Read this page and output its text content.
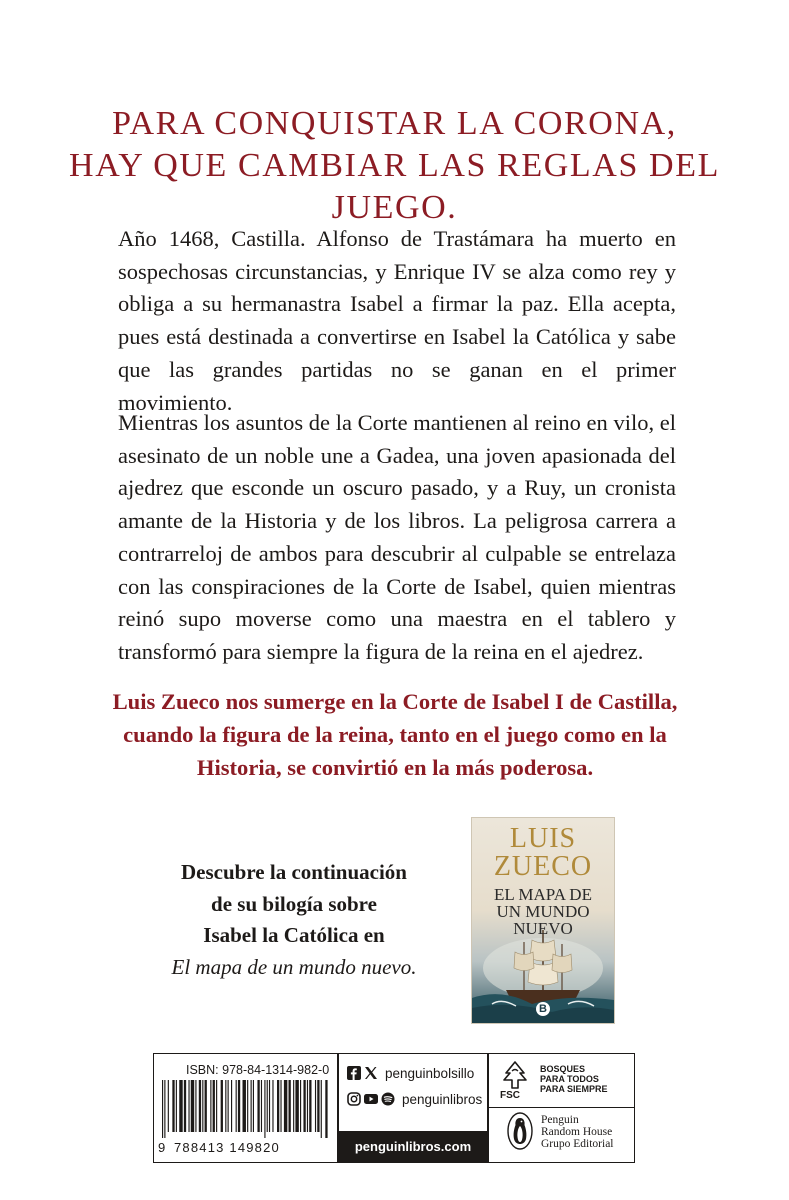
PARA CONQUISTAR LA CORONA,
HAY QUE CAMBIAR LAS REGLAS DEL JUEGO.

Año 1468, Castilla. Alfonso de Trastámara ha muerto en sospechosas circunstancias, y Enrique IV se alza como rey y obliga a su hermanastra Isabel a firmar la paz. Ella acepta, pues está destinada a convertirse en Isabel la Católica y sabe que las grandes partidas no se ganan en el primer movimiento.

Mientras los asuntos de la Corte mantienen al reino en vilo, el asesinato de un noble une a Gadea, una joven apasionada del ajedrez que esconde un oscuro pasado, y a Ruy, un cronista amante de la Historia y de los libros. La peligrosa carrera a contrarreloj de ambos para descubrir al culpable se entrelaza con las conspiraciones de la Corte de Isabel, quien mientras reinó supo moverse como una maestra en el tablero y transformó para siempre la figura de la reina en el ajedrez.

Luis Zueco nos sumerge en la Corte de Isabel I de Castilla, cuando la figura de la reina, tanto en el juego como en la Historia, se convirtió en la más poderosa.

Descubre la continuación
de su bilogía sobre
Isabel la Católica en
El mapa de un mundo nuevo.
LUIS
ZUECO
EL MAPA DE
UN MUNDO
NUEVO
B
ISBN: 978-84-1314-982-0
9 788413 149820
penguinbolsillo
penguinlibros
penguinlibros.com
FSC
BOSQUES
PARA TODOS
PARA SIEMPRE
Penguin
Random House
Grupo Editorial
